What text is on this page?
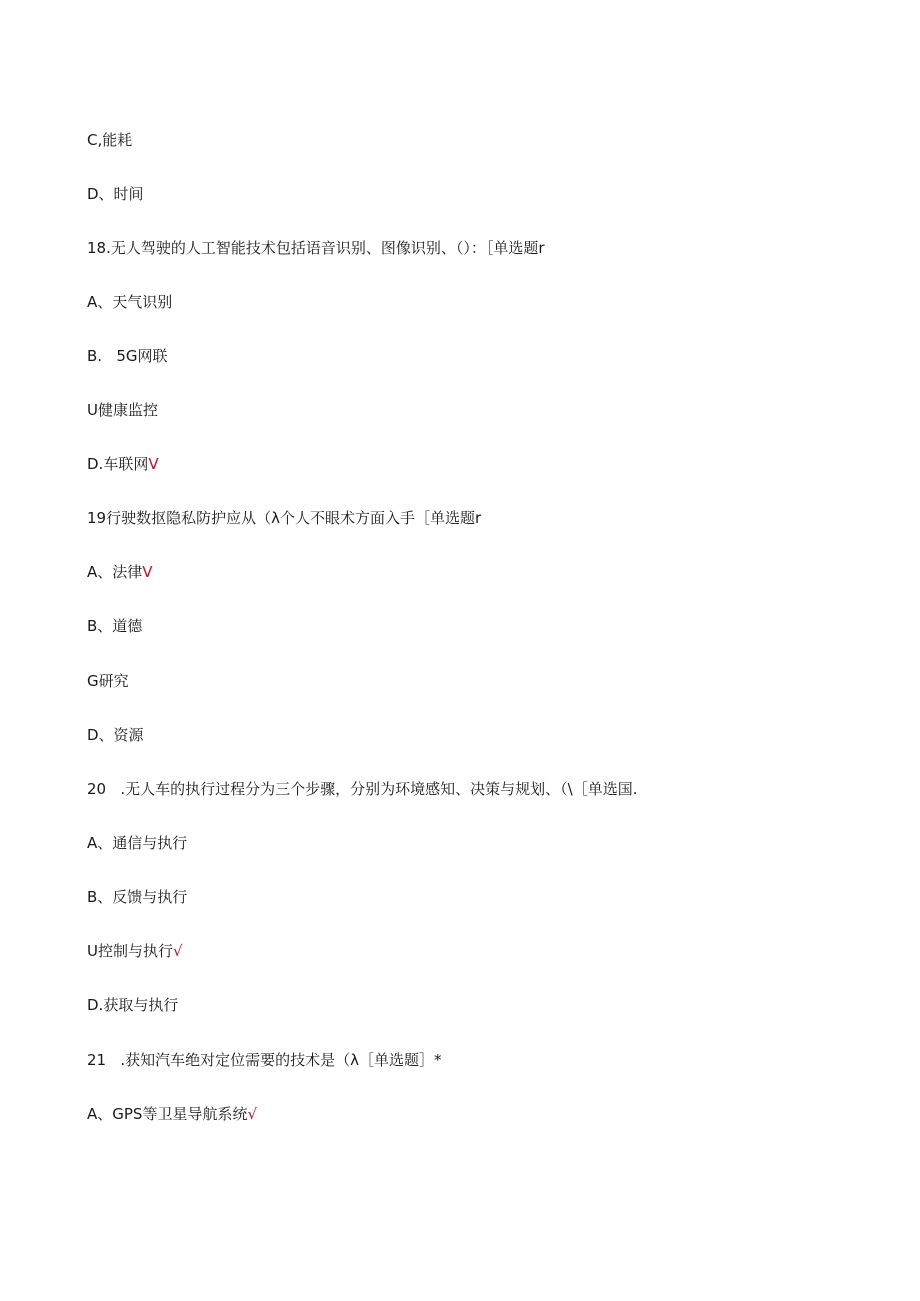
C,能耗
D、时间
18.无人驾驶的人工智能技术包括语音识别、图像识别、（）：［单选题r
A、天气识别
B.   5G网联
U健康监控
D.车联网V
19行驶数抠隐私防护应从（λ个人不眼术方面入手［单选题r
A、法律V
B、道德
G研究
D、资源
20   .无人车的执行过程分为三个步骤，分别为环境感知、决策与规划、（\［单选国.
A、通信与执行
B、反馈与执行
U控制与执行√
D.获取与执行
21   .获知汽车绝对定位需要的技术是（λ［单选题］*
A、GPS等卫星导航系统√
